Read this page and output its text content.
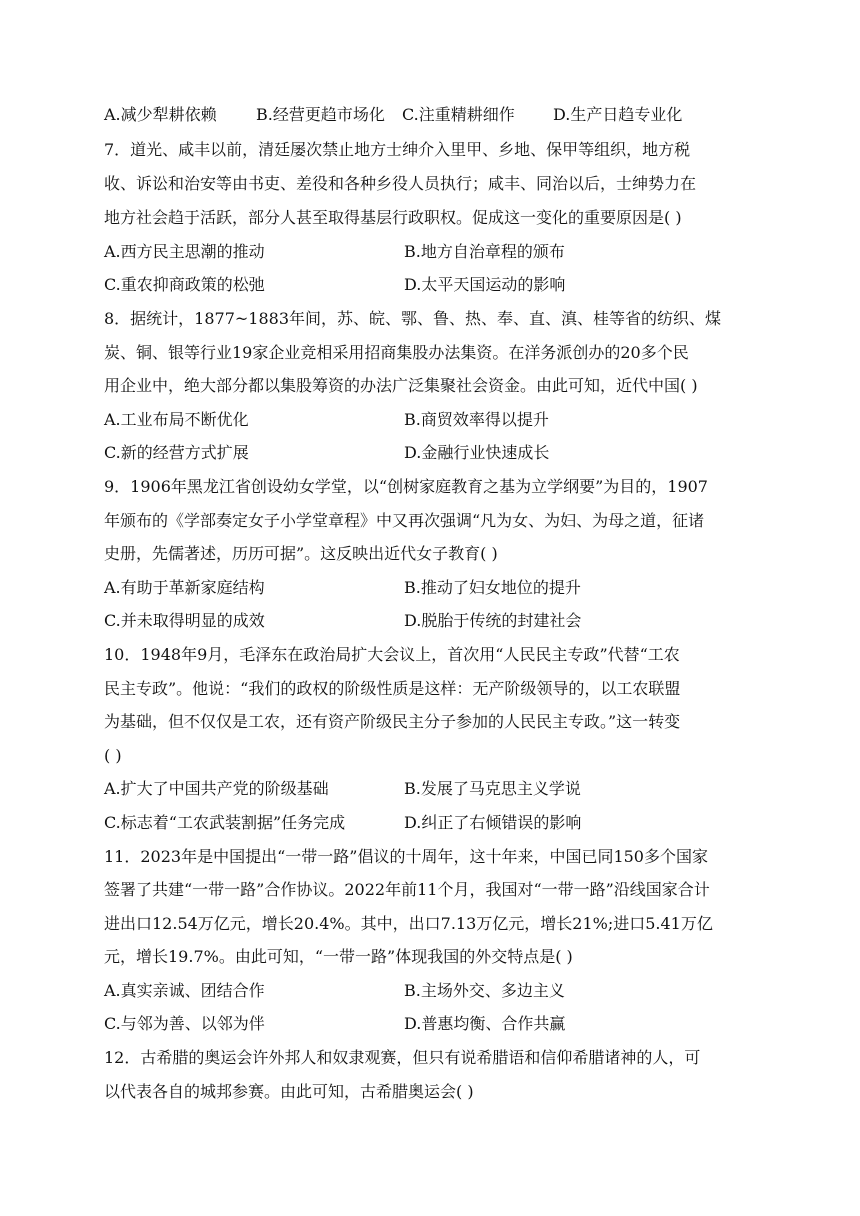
A.减少犁耕依赖 B.经营更趋市场化 C.注重精耕细作 D.生产日趋专业化
7．道光、咸丰以前，清廷屡次禁止地方士绅介入里甲、乡地、保甲等组织，地方税
收、诉讼和治安等由书吏、差役和各种乡役人员执行；咸丰、同治以后，士绅势力在
地方社会趋于活跃，部分人甚至取得基层行政职权。促成这一变化的重要原因是( )
A.西方民主思潮的推动	B.地方自治章程的颁布
C.重农抑商政策的松弛	D.太平天国运动的影响
8．据统计，1877~1883年间，苏、皖、鄂、鲁、热、奉、直、滇、桂等省的纺织、煤
炭、铜、银等行业19家企业竞相采用招商集股办法集资。在洋务派创办的20多个民
用企业中，绝大部分都以集股筹资的办法广泛集聚社会资金。由此可知，近代中国( )
A.工业布局不断优化	B.商贸效率得以提升
C.新的经营方式扩展	D.金融行业快速成长
9．1906年黑龙江省创设幼女学堂，以“创树家庭教育之基为立学纲要”为目的，1907
年颁布的《学部奏定女子小学堂章程》中又再次强调“凡为女、为妇、为母之道，征诸
史册，先儒著述，历历可据”。这反映出近代女子教育( )
A.有助于革新家庭结构	B.推动了妇女地位的提升
C.并未取得明显的成效	D.脱胎于传统的封建社会
10．1948年9月，毛泽东在政治局扩大会议上，首次用“人民民主专政”代替“工农
民主专政”。他说：“我们的政权的阶级性质是这样：无产阶级领导的，以工农联盟
为基础，但不仅仅是工农，还有资产阶级民主分子参加的人民民主专政。”这一转变
( )
A.扩大了中国共产党的阶级基础	B.发展了马克思主义学说
C.标志着“工农武装割据”任务完成	D.纠正了右倾错误的影响
11．2023年是中国提出“一带一路”倡议的十周年，这十年来，中国已同150多个国家
签署了共建“一带一路”合作协议。2022年前11个月，我国对“一带一路”沿线国家合计
进出口12.54万亿元，增长20.4%。其中，出口7.13万亿元，增长21%;进口5.41万亿
元，增长19.7%。由此可知，“一带一路”体现我国的外交特点是( )
A.真实亲诚、团结合作	B.主场外交、多边主义
C.与邻为善、以邻为伴	D.普惠均衡、合作共赢
12．古希腊的奥运会许外邦人和奴隶观赛，但只有说希腊语和信仰希腊诸神的人，可
以代表各自的城邦参赛。由此可知，古希腊奥运会( )
